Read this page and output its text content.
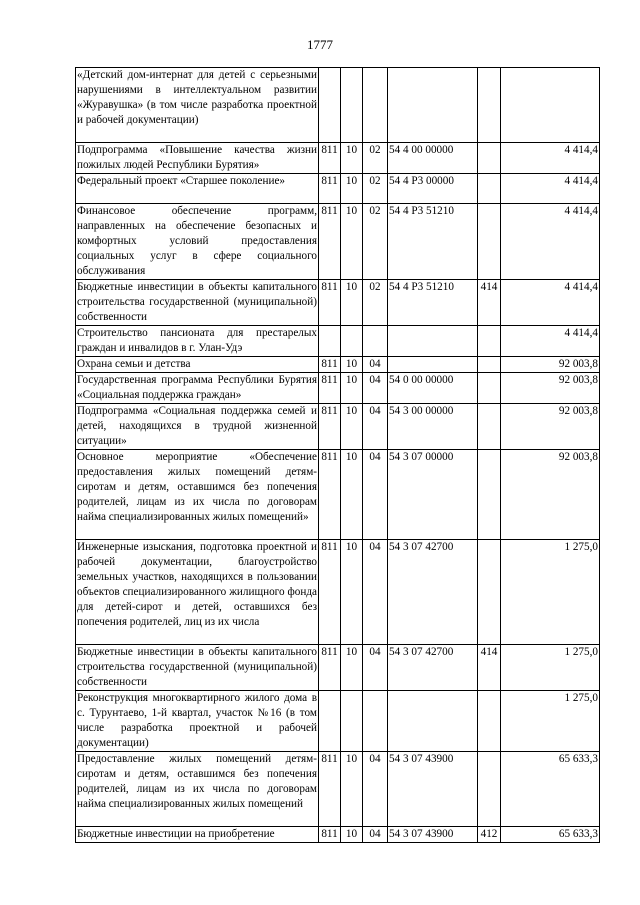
1777
«Детский дом-интернат для детей с серьезными нарушениями в интеллектуальном развитии «Журавушка» (в том числе разработка проектной и рабочей документации)						
Подпрограмма «Повышение качества жизни пожилых людей Республики Бурятия»	811	10	02	54 4 00 00000		4 414,4
Федеральный проект «Старшее поколение»	811	10	02	54 4 P3 00000		4 414,4
Финансовое обеспечение программ, направленных на обеспечение безопасных и комфортных условий предоставления социальных услуг в сфере социального обслуживания	811	10	02	54 4 P3 51210		4 414,4
Бюджетные инвестиции в объекты капитального строительства государственной (муниципальной) собственности	811	10	02	54 4 P3 51210	414	4 414,4
Строительство пансионата для престарелых граждан и инвалидов в г. Улан-Удэ						4 414,4
Охрана семьи и детства	811	10	04			92 003,8
Государственная программа Республики Бурятия «Социальная поддержка граждан»	811	10	04	54 0 00 00000		92 003,8
Подпрограмма «Социальная поддержка семей и детей, находящихся в трудной жизненной ситуации»	811	10	04	54 3 00 00000		92 003,8
Основное мероприятие «Обеспечение предоставления жилых помещений детям-сиротам и детям, оставшимся без попечения родителей, лицам из их числа по договорам найма специализированных жилых помещений»	811	10	04	54 3 07 00000		92 003,8
Инженерные изыскания, подготовка проектной и рабочей документации, благоустройство земельных участков, находящихся в пользовании объектов специализированного жилищного фонда для детей-сирот и детей, оставшихся без попечения родителей, лиц из их числа	811	10	04	54 3 07 42700		1 275,0
Бюджетные инвестиции в объекты капитального строительства государственной (муниципальной) собственности	811	10	04	54 3 07 42700	414	1 275,0
Реконструкция многоквартирного жилого дома в с. Турунтаево, 1-й квартал, участок №16 (в том числе разработка проектной и рабочей документации)						1 275,0
Предоставление жилых помещений детям-сиротам и детям, оставшимся без попечения родителей, лицам из их числа по договорам найма специализированных жилых помещений	811	10	04	54 3 07 43900		65 633,3
Бюджетные инвестиции на приобретение	811	10	04	54 3 07 43900	412	65 633,3
